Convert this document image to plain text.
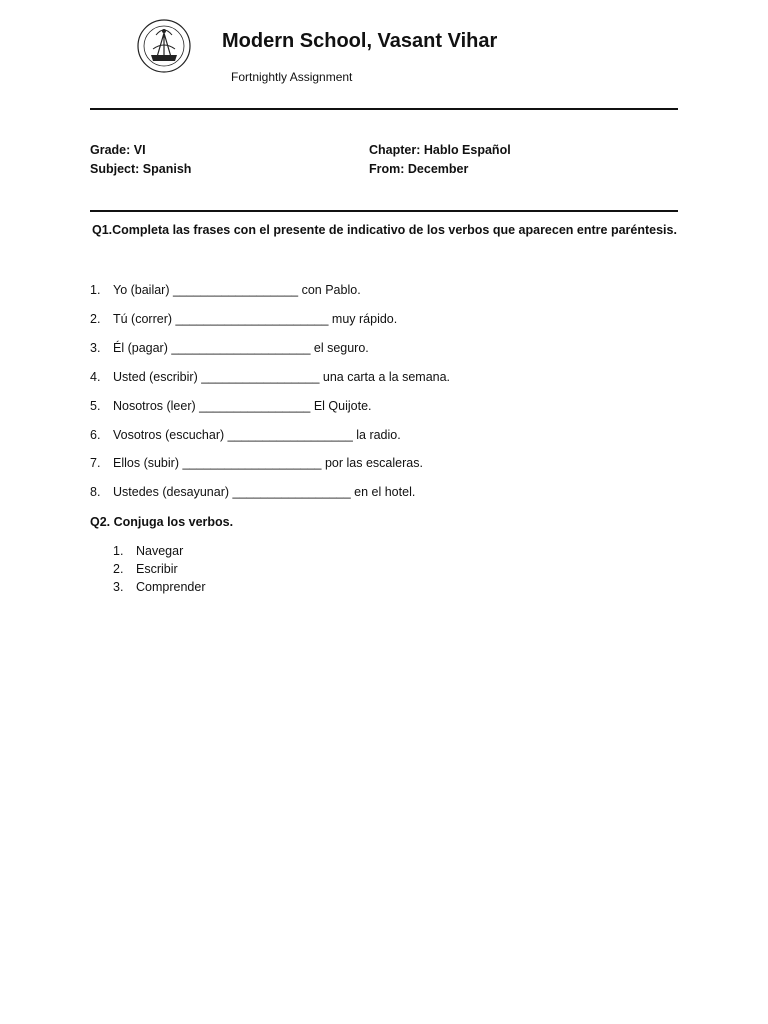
Modern School, Vasant Vihar
Fortnightly Assignment
Grade: VI
Subject: Spanish
Chapter: Hablo Español
From: December
Q1.Completa las frases con el presente de indicativo de los verbos que aparecen entre paréntesis.
1. Yo (bailar) __________________ con Pablo.
2. Tú (correr) ______________________ muy rápido.
3. Él (pagar) ____________________ el seguro.
4. Usted (escribir) _________________ una carta a la semana.
5. Nosotros (leer) ________________ El Quijote.
6. Vosotros (escuchar) __________________ la radio.
7. Ellos (subir) ____________________ por las escaleras.
8. Ustedes (desayunar) _________________ en el hotel.
Q2. Conjuga los verbos.
1. Navegar
2. Escribir
3. Comprender
